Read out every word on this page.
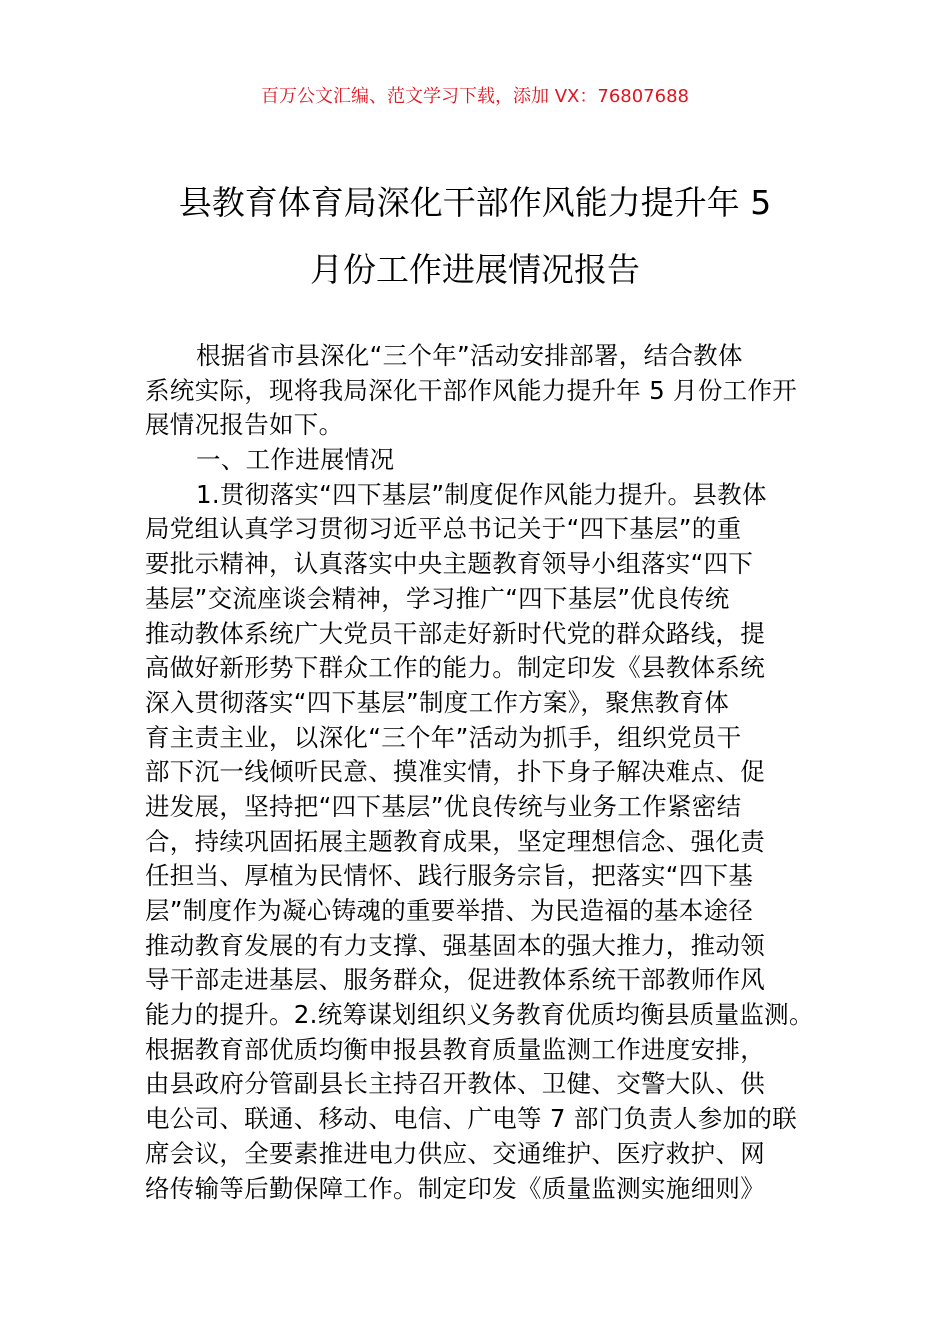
百万公文汇编、范文学习下载，添加 VX：76807688
县教育体育局深化干部作风能力提升年 5
月份工作进展情况报告
根据省市县深化“三个年”活动安排部署，结合教体
系统实际，现将我局深化干部作风能力提升年 5 月份工作开
展情况报告如下。
一、工作进展情况
1.贯彻落实“四下基层”制度促作风能力提升。县教体
局党组认真学习贯彻习近平总书记关于“四下基层”的重
要批示精神，认真落实中央主题教育领导小组落实“四下
基层”交流座谈会精神，学习推广“四下基层”优良传统
推动教体系统广大党员干部走好新时代党的群众路线，提
高做好新形势下群众工作的能力。制定印发《县教体系统
深入贯彻落实“四下基层”制度工作方案》，聚焦教育体
育主责主业，以深化“三个年”活动为抓手，组织党员干
部下沉一线倾听民意、摸准实情，扑下身子解决难点、促
进发展，坚持把“四下基层”优良传统与业务工作紧密结
合，持续巩固拓展主题教育成果，坚定理想信念、强化责
任担当、厚植为民情怀、践行服务宗旨，把落实“四下基
层”制度作为凝心铸魂的重要举措、为民造福的基本途径
推动教育发展的有力支撑、强基固本的强大推力，推动领
导干部走进基层、服务群众，促进教体系统干部教师作风
能力的提升。2.统筹谋划组织义务教育优质均衡县质量监测。
根据教育部优质均衡申报县教育质量监测工作进度安排，
由县政府分管副县长主持召开教体、卫健、交警大队、供
电公司、联通、移动、电信、广电等 7 部门负责人参加的联
席会议，全要素推进电力供应、交通维护、医疗救护、网
络传输等后勤保障工作。制定印发《质量监测实施细则》
